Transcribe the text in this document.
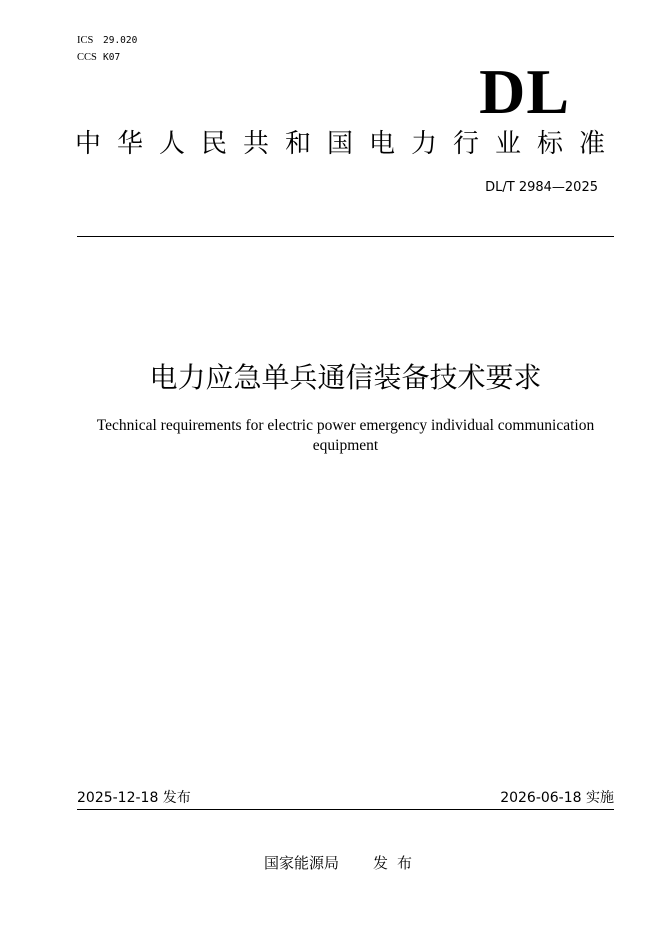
ICS 29.020
CCS K07	DL
中华人民共和国电力行业标准
DL/T 2984—2025
电力应急单兵通信装备技术要求
Technical requirements for electric power emergency individual communication equipment
2025-12-18 发布	2026-06-18 实施
国家能源局 发布
